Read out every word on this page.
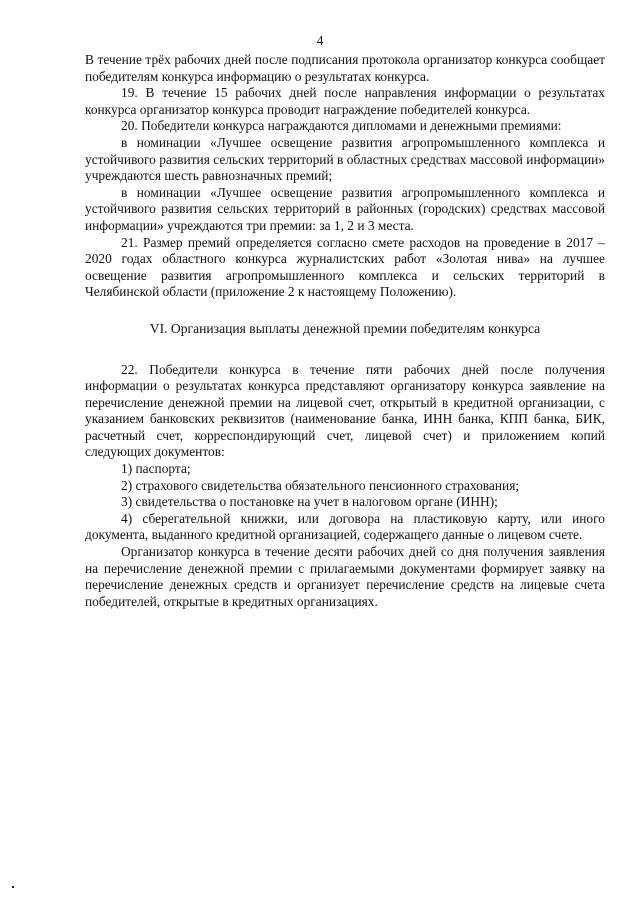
4

В течение трёх рабочих дней после подписания протокола организатор конкурса сообщает победителям конкурса информацию о результатах конкурса.

19. В течение 15 рабочих дней после направления информации о результатах конкурса организатор конкурса проводит награждение победителей конкурса.

20. Победители конкурса награждаются дипломами и денежными премиями:

в номинации «Лучшее освещение развития агропромышленного комплекса и устойчивого развития сельских территорий в областных средствах массовой информации» учреждаются шесть равнозначных премий;

в номинации «Лучшее освещение развития агропромышленного комплекса и устойчивого развития сельских территорий в районных (городских) средствах массовой информации» учреждаются три премии: за 1, 2 и 3 места.

21. Размер премий определяется согласно смете расходов на проведение в 2017 – 2020 годах областного конкурса журналистских работ «Золотая нива» на лучшее освещение развития агропромышленного комплекса и сельских территорий в Челябинской области (приложение 2 к настоящему Положению).

VI. Организация выплаты денежной премии победителям конкурса

22. Победители конкурса в течение пяти рабочих дней после получения информации о результатах конкурса представляют организатору конкурса заявление на перечисление денежной премии на лицевой счет, открытый в кредитной организации, с указанием банковских реквизитов (наименование банка, ИНН банка, КПП банка, БИК, расчетный счет, корреспондирующий счет, лицевой счет) и приложением копий следующих документов:

1) паспорта;

2) страхового свидетельства обязательного пенсионного страхования;

3) свидетельства о постановке на учет в налоговом органе (ИНН);

4) сберегательной книжки, или договора на пластиковую карту, или иного документа, выданного кредитной организацией, содержащего данные о лицевом счете.

Организатор конкурса в течение десяти рабочих дней со дня получения заявления на перечисление денежной премии с прилагаемыми документами формирует заявку на перечисление денежных средств и организует перечисление средств на лицевые счета победителей, открытые в кредитных организациях.
